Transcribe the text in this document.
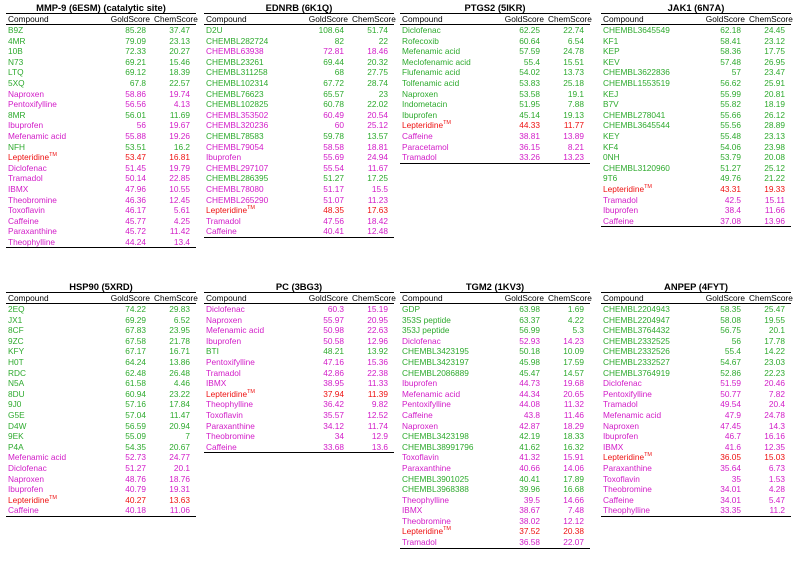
MMP-9 (6ESM) (catalytic site)
Compound	GoldScore	ChemScore
B9Z	85.28	37.47
4MR	79.09	23.13
10B	72.33	20.27
N73	69.21	15.46
LTQ	69.12	18.39
5XQ	67.8	22.57
Naproxen	58.86	19.74
Pentoxifylline	56.56	4.13
8MR	56.01	11.69
Ibuprofen	56	19.67
Mefenamic acid	55.88	19.26
NFH	53.51	16.2
Lepteridine™	53.47	16.81
Diclofenac	51.45	19.79
Tramadol	50.14	22.85
IBMX	47.96	10.55
Theobromine	46.36	12.45
Toxoflavin	46.17	5.61
Caffeine	45.77	4.25
Paraxanthine	45.72	11.42
Theophylline	44.24	13.4
EDNRB (6K1Q)
Compound	GoldScore	ChemScore
D2U	108.64	51.74
CHEMBL282724	82	22
CHEMBL63938	72.81	18.46
CHEMBL23261	69.44	20.32
CHEMBL311258	68	27.75
CHEMBL102314	67.72	28.74
CHEMBL76623	65.57	23
CHEMBL102825	60.78	22.02
CHEMBL353502	60.49	20.54
CHEMBL320236	60	25.12
CHEMBL78583	59.78	13.57
CHEMBL79054	58.58	18.81
Ibuprofen	55.69	24.94
CHEMBL297107	55.54	11.67
CHEMBL286395	51.27	17.25
CHEMBL78080	51.17	15.5
CHEMBL265290	51.07	11.23
Lepteridine™	48.35	17.63
Tramadol	47.56	18.42
Caffeine	40.41	12.48
PTGS2 (5IKR)
Compound	GoldScore	ChemScore
Diclofenac	62.25	22.74
Rofecoxib	60.64	6.54
Mefenamic acid	57.59	24.78
Meclofenamic acid	55.4	15.51
Flufenamic acid	54.02	13.73
Tolfenamic acid	53.83	25.18
Naproxen	53.58	19.1
Indometacin	51.95	7.88
Ibuprofen	45.14	19.13
Lepteridine™	44.33	11.77
Caffeine	38.81	13.89
Paracetamol	36.15	8.21
Tramadol	33.26	13.23
JAK1 (6N7A)
Compound	GoldScore	ChemScore
CHEMBL3645549	62.18	24.45
KF1	58.41	23.12
KEP	58.36	17.75
KEV	57.48	26.95
CHEMBL3622836	57	23.47
CHEMBL1553519	56.62	25.91
KEJ	55.99	20.81
B7V	55.82	18.19
CHEMBL278041	55.66	26.12
CHEMBL3645544	55.56	28.89
KEY	55.48	23.13
KF4	54.06	23.98
0NH	53.79	20.08
CHEMBL3120960	51.27	25.12
9T6	49.76	21.22
Lepteridine™	43.31	19.33
Tramadol	42.5	15.11
Ibuprofen	38.4	11.66
Caffeine	37.08	13.96
HSP90 (5XRD)
Compound	GoldScore	ChemScore
2EQ	74.22	29.83
JX1	69.29	6.52
8CF	67.83	23.95
9ZC	67.58	21.78
KFY	67.17	16.71
H0T	64.24	13.86
RDC	62.48	26.48
N5A	61.58	4.46
8DU	60.94	23.22
9J0	57.16	17.84
G5E	57.04	11.47
D4W	56.59	20.94
9EK	55.09	7
P4A	54.35	20.67
Mefenamic acid	52.73	24.77
Diclofenac	51.27	20.1
Naproxen	48.76	18.76
Ibuprofen	40.79	19.31
Lepteridine™	40.27	13.63
Caffeine	40.18	11.06
PC (3BG3)
Compound	GoldScore	ChemScore
Diclofenac	60.3	15.19
Naproxen	55.97	20.95
Mefenamic acid	50.98	22.63
Ibuprofen	50.58	12.96
BTI	48.21	13.92
Pentoxifylline	47.16	15.36
Tramadol	42.86	22.38
IBMX	38.95	11.33
Lepteridine™	37.94	11.39
Theophylline	36.42	9.82
Toxoflavin	35.57	12.52
Paraxanthine	34.12	11.74
Theobromine	34	12.9
Caffeine	33.68	13.6
TGM2 (1KV3)
Compound	GoldScore	ChemScore
GDP	63.98	1.69
353S peptide	63.37	4.22
353J peptide	56.99	5.3
Diclofenac	52.93	14.23
CHEMBL3423195	50.18	10.09
CHEMBL3423197	45.98	17.59
CHEMBL2086889	45.47	14.57
Ibuprofen	44.73	19.68
Mefenamic acid	44.34	20.65
Pentoxifylline	44.08	11.32
Caffeine	43.8	11.46
Naproxen	42.87	18.29
CHEMBL3423198	42.19	18.33
CHEMBL38991796	41.62	16.32
Toxoflavin	41.32	15.91
Paraxanthine	40.66	14.06
CHEMBL3901025	40.41	17.89
CHEMBL3968388	39.96	16.68
Theophylline	39.5	14.66
IBMX	38.67	7.48
Theobromine	38.02	12.12
Lepteridine™	37.52	20.38
Tramadol	36.58	22.07
ANPEP (4FYT)
Compound	GoldScore	ChemScore
CHEMBL2204943	58.35	25.47
CHEMBL2204947	58.08	19.55
CHEMBL3764432	56.75	20.1
CHEMBL2332525	56	17.78
CHEMBL2332526	55.4	14.22
CHEMBL2332527	54.67	23.03
CHEMBL3764919	52.86	22.23
Diclofenac	51.59	20.46
Pentoxifylline	50.77	7.82
Tramadol	49.54	20.4
Mefenamic acid	47.9	24.78
Naproxen	47.45	14.3
Ibuprofen	46.7	16.16
IBMX	41.6	12.35
Lepteridine™	36.05	15.03
Paraxanthine	35.64	6.73
Toxoflavin	35	1.53
Theobromine	34.01	4.28
Caffeine	34.01	5.47
Theophylline	33.35	11.2
